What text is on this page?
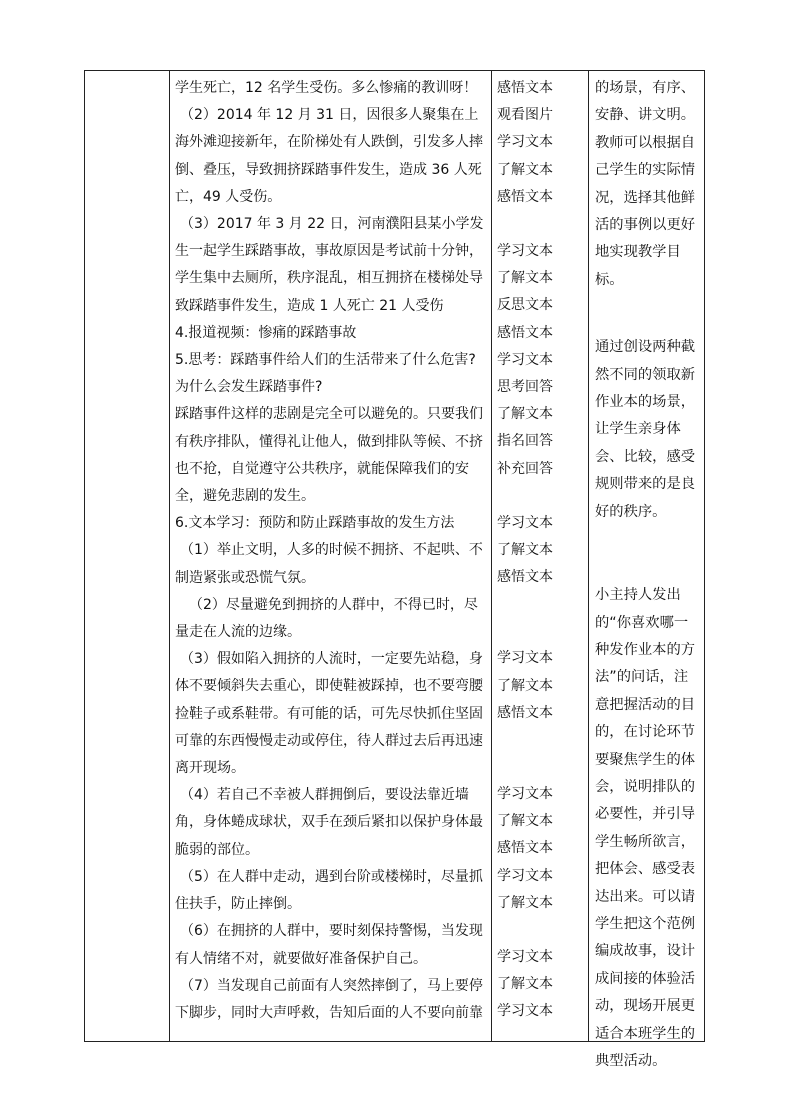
学生死亡，12 名学生受伤。多么惨痛的教训呀！

（2）2014 年 12 月 31 日，因很多人聚集在上海外滩迎接新年，在阶梯处有人跌倒，引发多人摔倒、叠压，导致拥挤踩踏事件发生，造成 36 人死亡，49 人受伤。

（3）2017 年 3 月 22 日，河南濮阳县某小学发生一起学生踩踏事故，事故原因是考试前十分钟，学生集中去厕所，秩序混乱，相互拥挤在楼梯处导致踩踏事件发生，造成 1 人死亡 21 人受伤

4.报道视频：惨痛的踩踏事故

5.思考：踩踏事件给人们的生活带来了什么危害?为什么会发生踩踏事件?

踩踏事件这样的悲剧是完全可以避免的。只要我们有秩序排队，懂得礼让他人，做到排队等候、不挤也不抢，自觉遵守公共秩序，就能保障我们的安全，避免悲剧的发生。

6.文本学习：预防和防止踩踏事故的发生方法

（1）举止文明，人多的时候不拥挤、不起哄、不制造紧张或恐慌气氛。

（2）尽量避免到拥挤的人群中，不得已时，尽量走在人流的边缘。

（3）假如陷入拥挤的人流时，一定要先站稳，身体不要倾斜失去重心，即使鞋被踩掉，也不要弯腰捡鞋子或系鞋带。有可能的话，可先尽快抓住坚固可靠的东西慢慢走动或停住，待人群过去后再迅速离开现场。

（4）若自己不幸被人群拥倒后，要设法靠近墙角，身体蜷成球状，双手在颈后紧扣以保护身体最脆弱的部位。

（5）在人群中走动，遇到台阶或楼梯时，尽量抓住扶手，防止摔倒。

（6）在拥挤的人群中，要时刻保持警惕，当发现有人情绪不对，就要做好准备保护自己。

（7）当发现自己前面有人突然摔倒了，马上要停下脚步，同时大声呼救，告知后面的人不要向前靠

感悟文本

观看图片

学习文本

了解文本

感悟文本

学习文本

了解文本

反思文本

感悟文本

学习文本

思考回答

了解文本

指名回答

补充回答

学习文本

了解文本

感悟文本

学习文本

了解文本

感悟文本

学习文本

了解文本

感悟文本

学习文本

了解文本

学习文本

了解文本

学习文本

的场景，有序、安静、讲文明。教师可以根据自己学生的实际情况，选择其他鲜活的事例以更好地实现教学目标。

通过创设两种截然不同的领取新作业本的场景，让学生亲身体会、比较，感受规则带来的是良好的秩序。

小主持人发出的“你喜欢哪一种发作业本的方法”的问话，注意把握活动的目的，在讨论环节要聚焦学生的体会，说明排队的必要性，并引导学生畅所欲言，把体会、感受表达出来。可以请学生把这个范例编成故事，设计成间接的体验活动，现场开展更适合本班学生的典型活动。
